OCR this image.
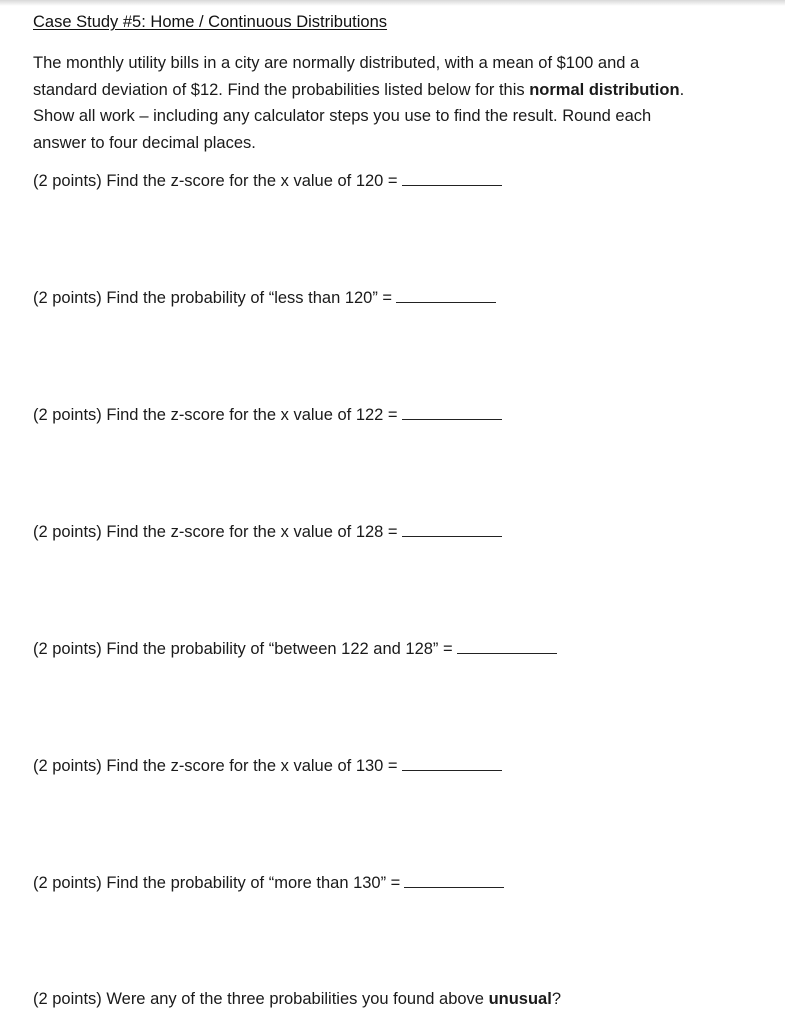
Case Study #5: Home / Continuous Distributions
The monthly utility bills in a city are normally distributed, with a mean of $100 and a
standard deviation of $12. Find the probabilities listed below for this normal distribution.
Show all work – including any calculator steps you use to find the result. Round each
answer to four decimal places.
(2 points) Find the z-score for the x value of 120 =
(2 points) Find the probability of “less than 120” =
(2 points) Find the z-score for the x value of 122 =
(2 points) Find the z-score for the x value of 128 =
(2 points) Find the probability of “between 122 and 128” =
(2 points) Find the z-score for the x value of 130 =
(2 points) Find the probability of “more than 130” =
(2 points) Were any of the three probabilities you found above unusual?
